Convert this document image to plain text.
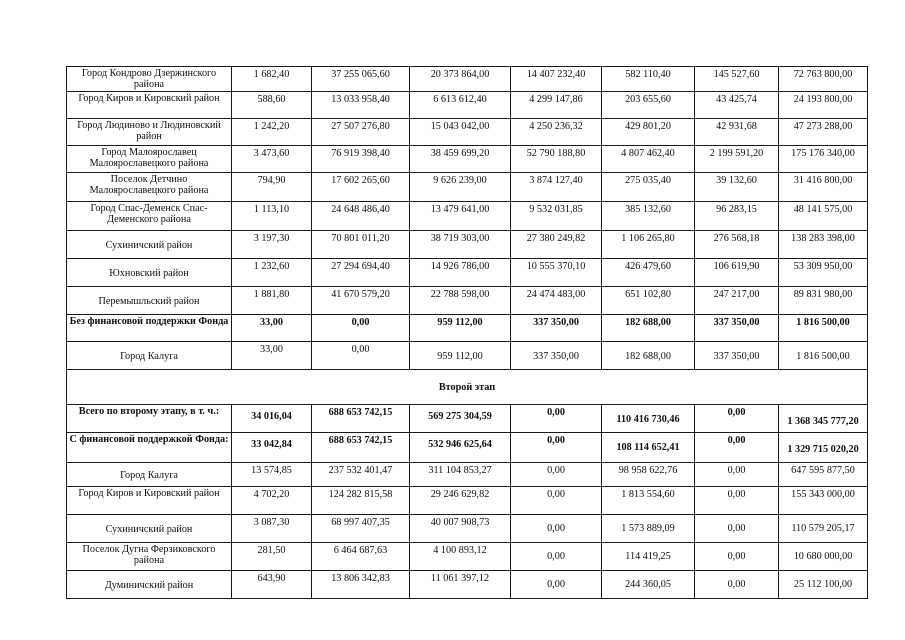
Город Кондрово Дзержинского района	1 682,40	37 255 065,60	20 373 864,00	14 407 232,40	582 110,40	145 527,60	72 763 800,00
Город Киров и Кировский район	588,60	13 033 958,40	6 613 612,40	4 299 147,86	203 655,60	43 425,74	24 193 800,00
Город Людиново и Людиновский район	1 242,20	27 507 276,80	15 043 042,00	4 250 236,32	429 801,20	42 931,68	47 273 288,00
Город Малоярославец Малоярославецкого района	3 473,60	76 919 398,40	38 459 699,20	52 790 188,80	4 807 462,40	2 199 591,20	175 176 340,00
Поселок Детчино Малоярославецкого района	794,90	17 602 265,60	9 626 239,00	3 874 127,40	275 035,40	39 132,60	31 416 800,00
Город Спас-Деменск Спас-Деменского района	1 113,10	24 648 486,40	13 479 641,00	9 532 031,85	385 132,60	96 283,15	48 141 575,00
Сухиничский район	3 197,30	70 801 011,20	38 719 303,00	27 380 249,82	1 106 265,80	276 568,18	138 283 398,00
Юхновский район	1 232,60	27 294 694,40	14 926 786,00	10 555 370,10	426 479,60	106 619,90	53 309 950,00
Перемышльский район	1 881,80	41 670 579,20	22 788 598,00	24 474 483,00	651 102,80	247 217,00	89 831 980,00
Без финансовой поддержки Фонда	33,00	0,00	959 112,00	337 350,00	182 688,00	337 350,00	1 816 500,00
Город Калуга	33,00	0,00	959 112,00	337 350,00	182 688,00	337 350,00	1 816 500,00
Второй этап							
Всего по второму этапу, в т. ч.:	34 016,04	688 653 742,15	569 275 304,59	0,00	110 416 730,46	0,00	1 368 345 777,20
С финансовой поддержкой Фонда:	33 042,84	688 653 742,15	532 946 625,64	0,00	108 114 652,41	0,00	1 329 715 020,20
Город Калуга	13 574,85	237 532 401,47	311 104 853,27	0,00	98 958 622,76	0,00	647 595 877,50
Город Киров и Кировский район	4 702,20	124 282 815,58	29 246 629,82	0,00	1 813 554,60	0,00	155 343 000,00
Сухиничский район	3 087,30	68 997 407,35	40 007 908,73	0,00	1 573 889,09	0,00	110 579 205,17
Поселок Дугна Ферзиковского района	281,50	6 464 687,63	4 100 893,12	0,00	114 419,25	0,00	10 680 000,00
Думиничский район	643,90	13 806 342,83	11 061 397,12	0,00	244 360,05	0,00	25 112 100,00
